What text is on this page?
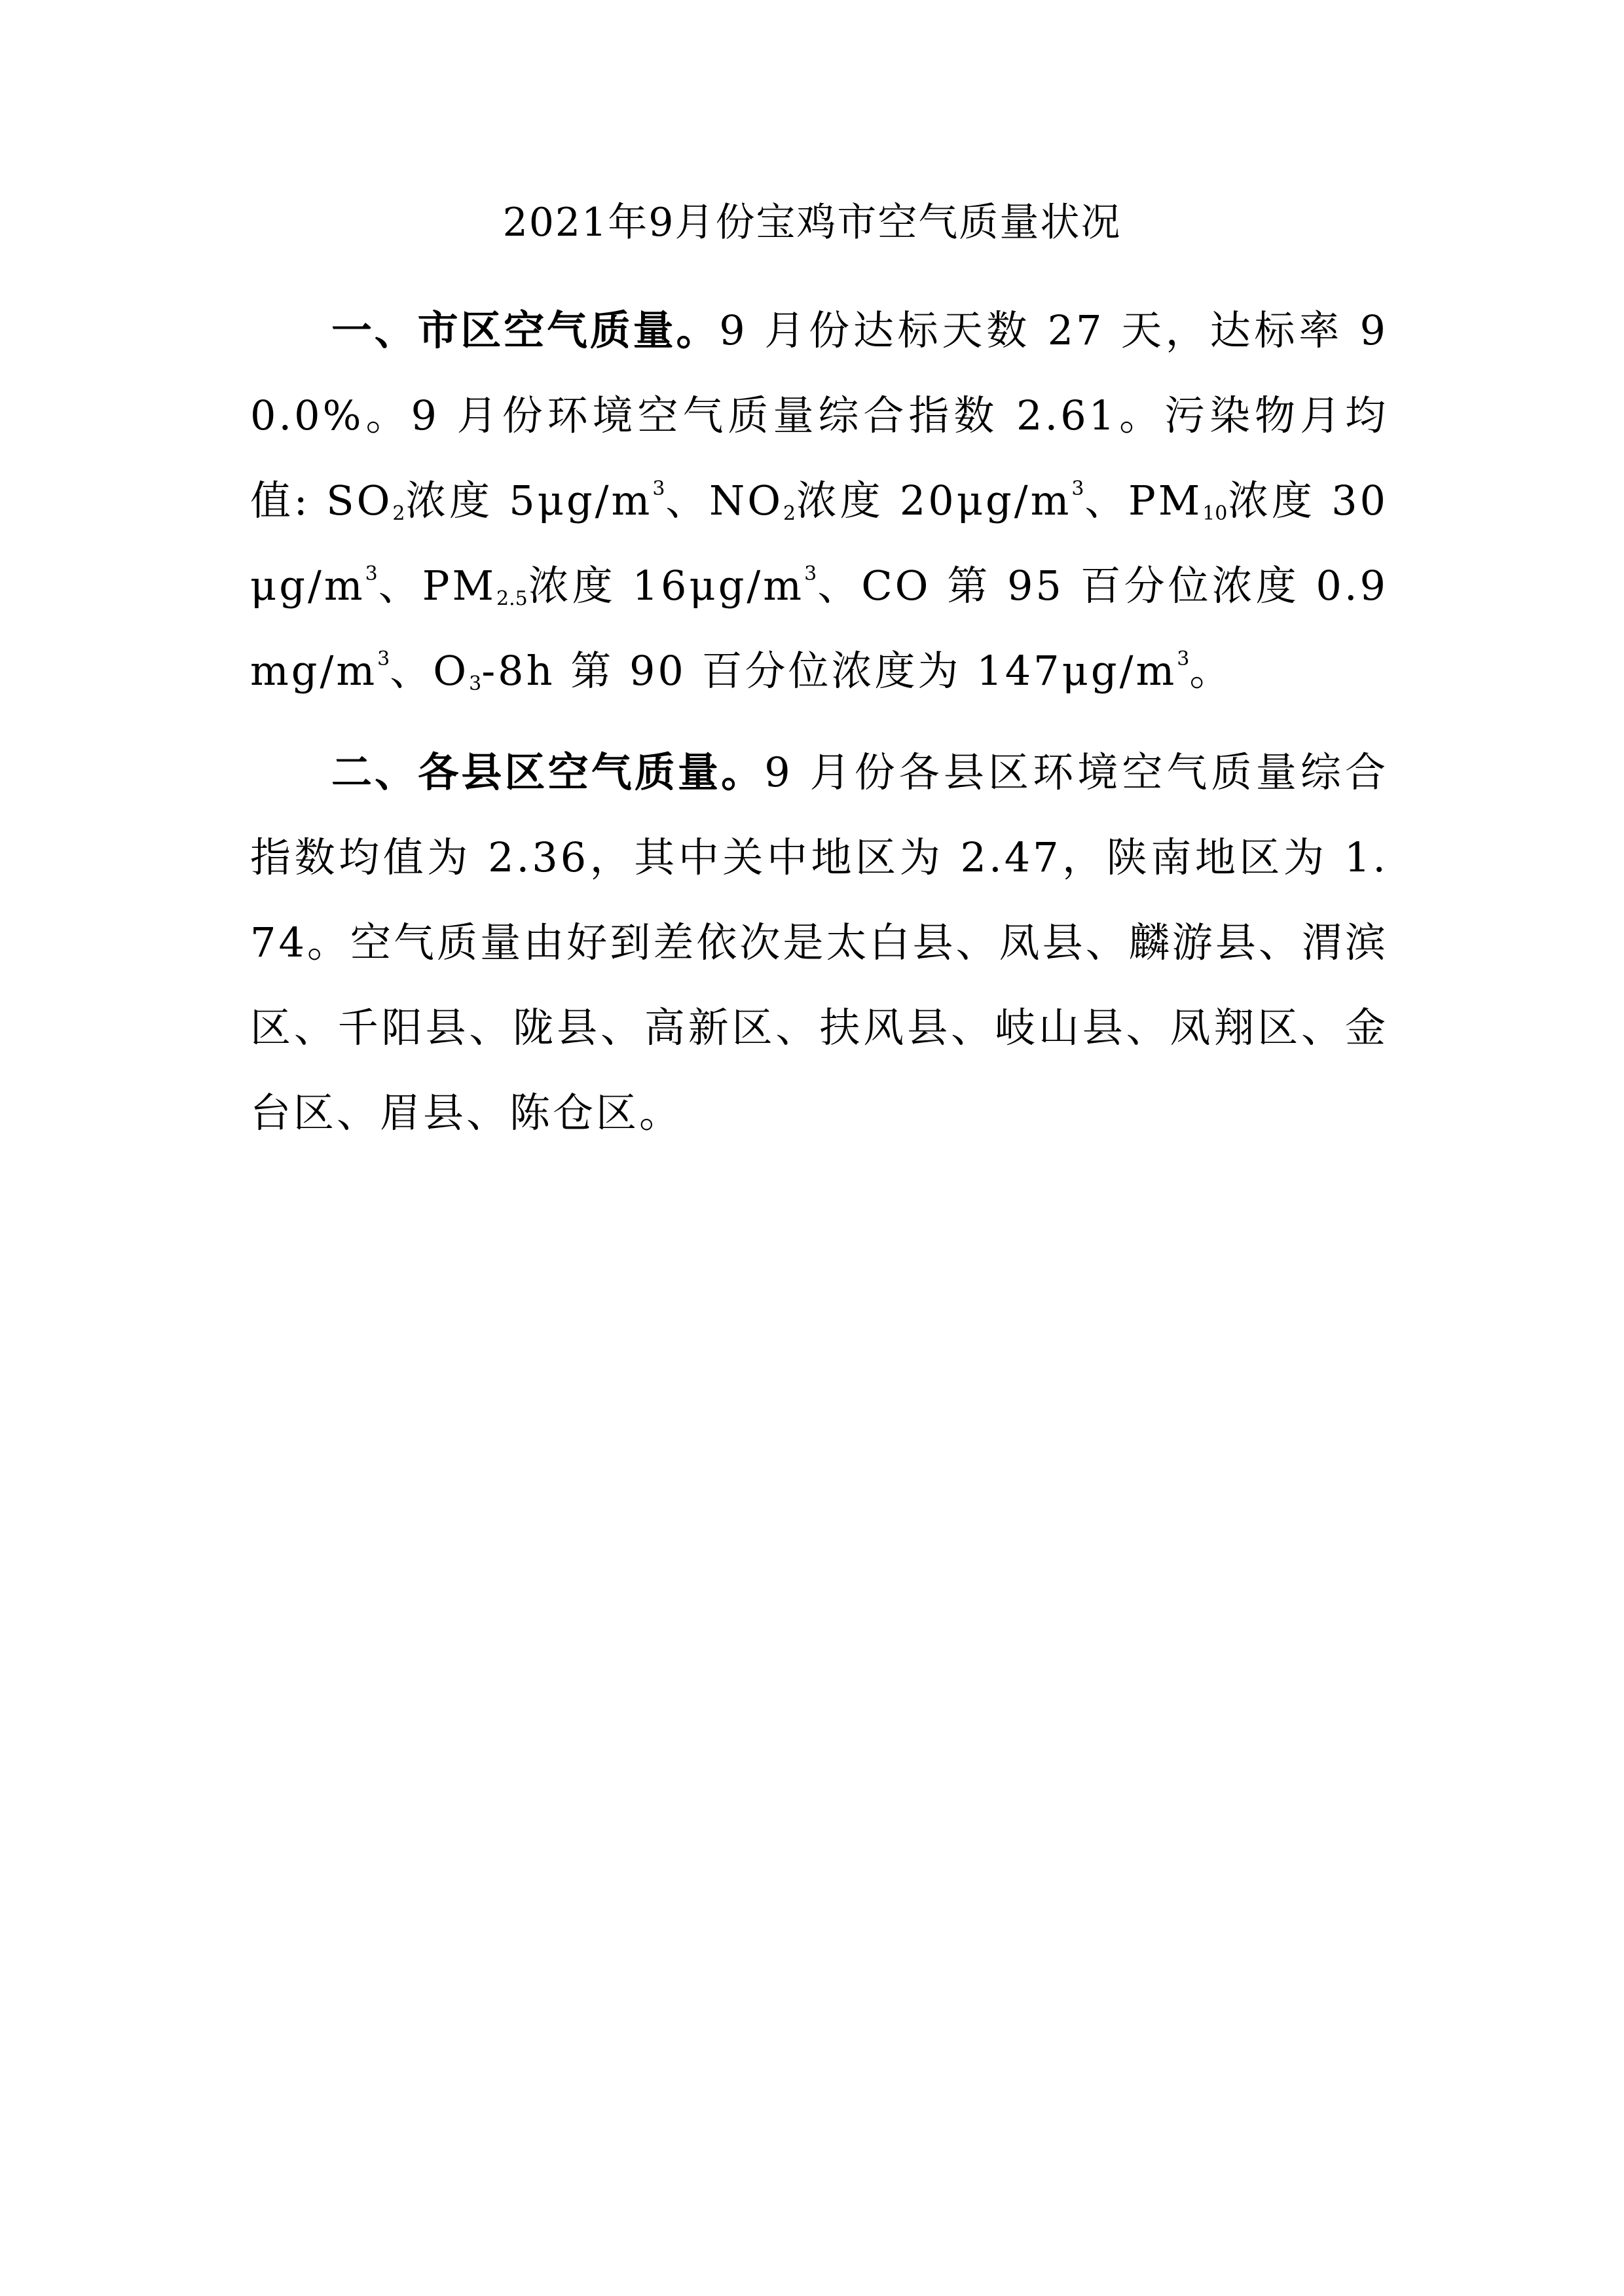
2021年9月份宝鸡市空气质量状况

一、市区空气质量。9 月份达标天数 27 天，达标率 90.0%。9 月份环境空气质量综合指数 2.61。污染物月均值: $SO_2$浓度 $5\mu g/m^3$、$NO_2$浓度 $20\mu g/m^3$、$PM_{10}$浓度 $30\mu g/m^3$、$PM_{2.5}$浓度 $16\mu g/m^3$、CO 第 95 百分位浓度 $0.9mg/m^3$、$O_3-8h$ 第 90 百分位浓度为 $147\mu g/m^3$。

二、各县区空气质量。9 月份各县区环境空气质量综合指数均值为 2.36，其中关中地区为 2.47，陕南地区为 1.74。空气质量由好到差依次是太白县、凤县、麟游县、渭滨区、千阳县、陇县、高新区、扶风县、岐山县、凤翔区、金台区、眉县、陈仓区。
